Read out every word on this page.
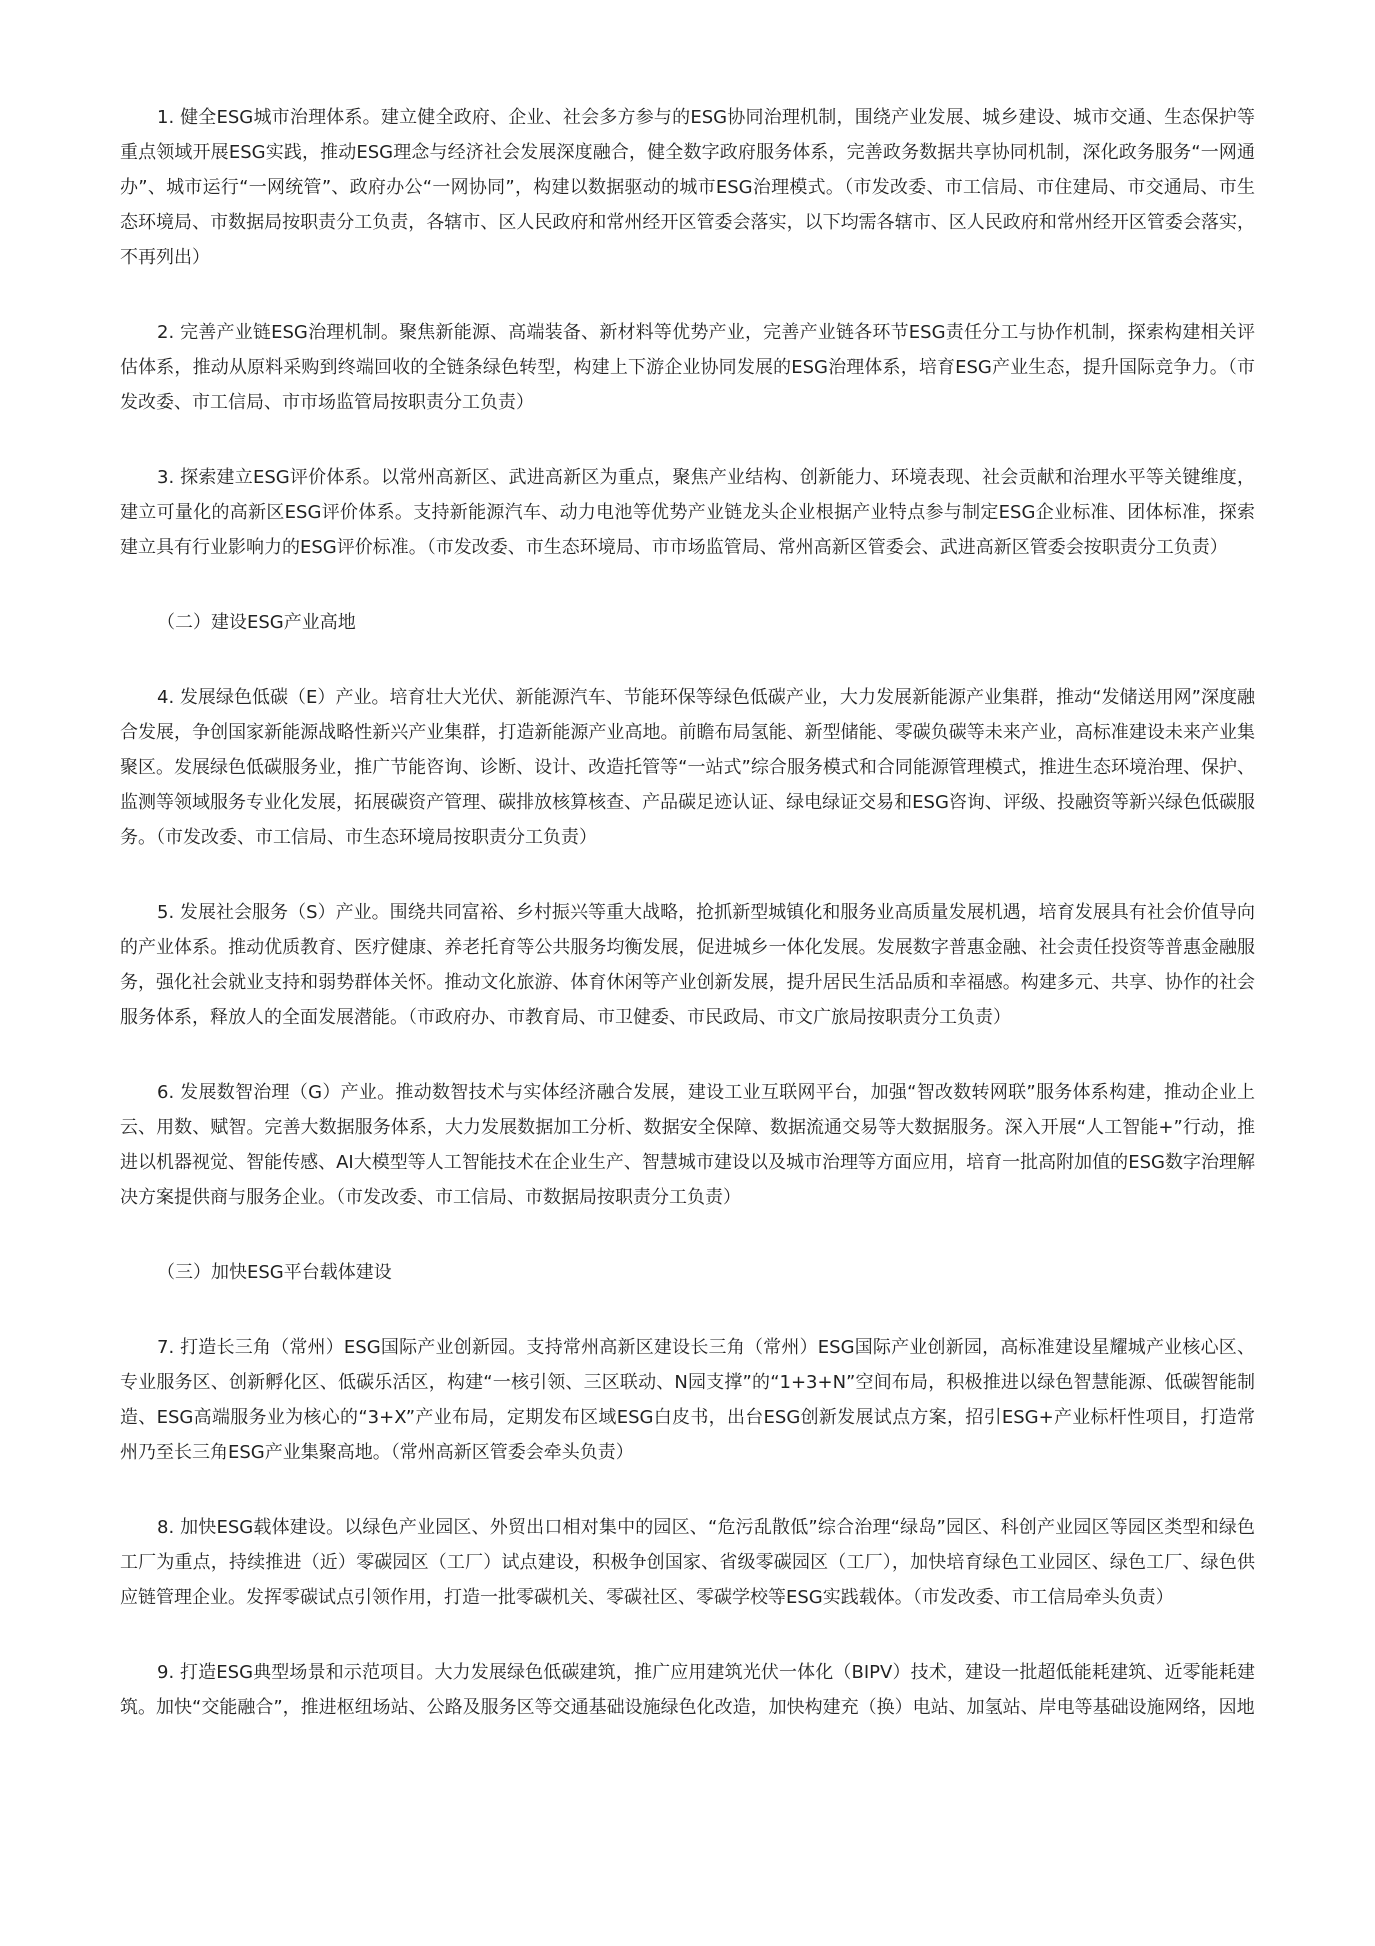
1. 健全ESG城市治理体系。建立健全政府、企业、社会多方参与的ESG协同治理机制，围绕产业发展、城乡建设、城市交通、生态保护等重点领域开展ESG实践，推动ESG理念与经济社会发展深度融合，健全数字政府服务体系，完善政务数据共享协同机制，深化政务服务“一网通办”、城市运行“一网统管”、政府办公“一网协同”，构建以数据驱动的城市ESG治理模式。（市发改委、市工信局、市住建局、市交通局、市生态环境局、市数据局按职责分工负责，各辖市、区人民政府和常州经开区管委会落实，以下均需各辖市、区人民政府和常州经开区管委会落实，不再列出）

2. 完善产业链ESG治理机制。聚焦新能源、高端装备、新材料等优势产业，完善产业链各环节ESG责任分工与协作机制，探索构建相关评估体系，推动从原料采购到终端回收的全链条绿色转型，构建上下游企业协同发展的ESG治理体系，培育ESG产业生态，提升国际竞争力。（市发改委、市工信局、市市场监管局按职责分工负责）

3. 探索建立ESG评价体系。以常州高新区、武进高新区为重点，聚焦产业结构、创新能力、环境表现、社会贡献和治理水平等关键维度，建立可量化的高新区ESG评价体系。支持新能源汽车、动力电池等优势产业链龙头企业根据产业特点参与制定ESG企业标准、团体标准，探索建立具有行业影响力的ESG评价标准。（市发改委、市生态环境局、市市场监管局、常州高新区管委会、武进高新区管委会按职责分工负责）

（二）建设ESG产业高地

4. 发展绿色低碳（E）产业。培育壮大光伏、新能源汽车、节能环保等绿色低碳产业，大力发展新能源产业集群，推动“发储送用网”深度融合发展，争创国家新能源战略性新兴产业集群，打造新能源产业高地。前瞻布局氢能、新型储能、零碳负碳等未来产业，高标准建设未来产业集聚区。发展绿色低碳服务业，推广节能咨询、诊断、设计、改造托管等“一站式”综合服务模式和合同能源管理模式，推进生态环境治理、保护、监测等领域服务专业化发展，拓展碳资产管理、碳排放核算核查、产品碳足迹认证、绿电绿证交易和ESG咨询、评级、投融资等新兴绿色低碳服务。（市发改委、市工信局、市生态环境局按职责分工负责）

5. 发展社会服务（S）产业。围绕共同富裕、乡村振兴等重大战略，抢抓新型城镇化和服务业高质量发展机遇，培育发展具有社会价值导向的产业体系。推动优质教育、医疗健康、养老托育等公共服务均衡发展，促进城乡一体化发展。发展数字普惠金融、社会责任投资等普惠金融服务，强化社会就业支持和弱势群体关怀。推动文化旅游、体育休闲等产业创新发展，提升居民生活品质和幸福感。构建多元、共享、协作的社会服务体系，释放人的全面发展潜能。（市政府办、市教育局、市卫健委、市民政局、市文广旅局按职责分工负责）

6. 发展数智治理（G）产业。推动数智技术与实体经济融合发展，建设工业互联网平台，加强“智改数转网联”服务体系构建，推动企业上云、用数、赋智。完善大数据服务体系，大力发展数据加工分析、数据安全保障、数据流通交易等大数据服务。深入开展“人工智能+”行动，推进以机器视觉、智能传感、AI大模型等人工智能技术在企业生产、智慧城市建设以及城市治理等方面应用，培育一批高附加值的ESG数字治理解决方案提供商与服务企业。（市发改委、市工信局、市数据局按职责分工负责）

（三）加快ESG平台载体建设

7. 打造长三角（常州）ESG国际产业创新园。支持常州高新区建设长三角（常州）ESG国际产业创新园，高标准建设星耀城产业核心区、专业服务区、创新孵化区、低碳乐活区，构建“一核引领、三区联动、N园支撑”的“1+3+N”空间布局，积极推进以绿色智慧能源、低碳智能制造、ESG高端服务业为核心的“3+X”产业布局，定期发布区域ESG白皮书，出台ESG创新发展试点方案，招引ESG+产业标杆性项目，打造常州乃至长三角ESG产业集聚高地。（常州高新区管委会牵头负责）

8. 加快ESG载体建设。以绿色产业园区、外贸出口相对集中的园区、“危污乱散低”综合治理“绿岛”园区、科创产业园区等园区类型和绿色工厂为重点，持续推进（近）零碳园区（工厂）试点建设，积极争创国家、省级零碳园区（工厂），加快培育绿色工业园区、绿色工厂、绿色供应链管理企业。发挥零碳试点引领作用，打造一批零碳机关、零碳社区、零碳学校等ESG实践载体。（市发改委、市工信局牵头负责）

9. 打造ESG典型场景和示范项目。大力发展绿色低碳建筑，推广应用建筑光伏一体化（BIPV）技术，建设一批超低能耗建筑、近零能耗建筑。加快“交能融合”，推进枢纽场站、公路及服务区等交通基础设施绿色化改造，加快构建充（换）电站、加氢站、岸电等基础设施网络，因地
